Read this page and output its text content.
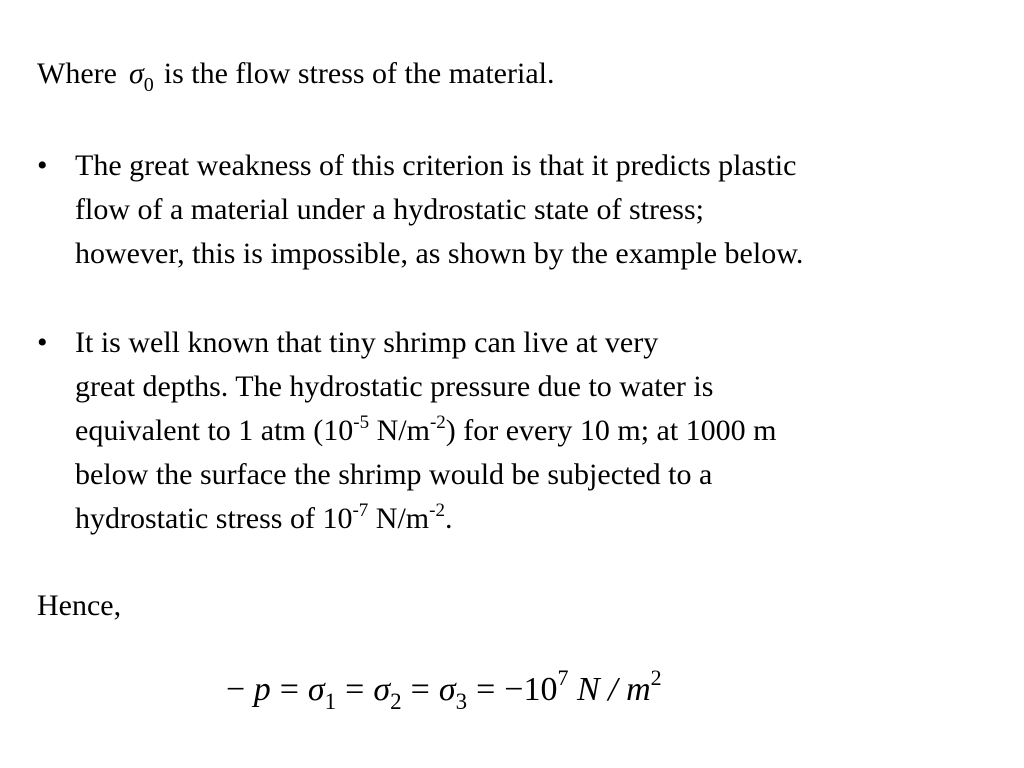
Where $\sigma_0$ is the flow stress of the material.
• The great weakness of this criterion is that it predicts plastic
flow of a material under a hydrostatic state of stress;
however, this is impossible, as shown by the example below.
• It is well known that tiny shrimp can live at very
great depths. The hydrostatic pressure due to water is
equivalent to 1 atm ($10^{-5}$ $N/m^{-2}$) for every 10 m; at 1000 m
below the surface the shrimp would be subjected to a
hydrostatic stress of $10^{-7}$ $N/m^{-2}$.
Hence,
− $p = \sigma_1 = \sigma_2 = \sigma_3 = -10^7$ N / $m^2$
